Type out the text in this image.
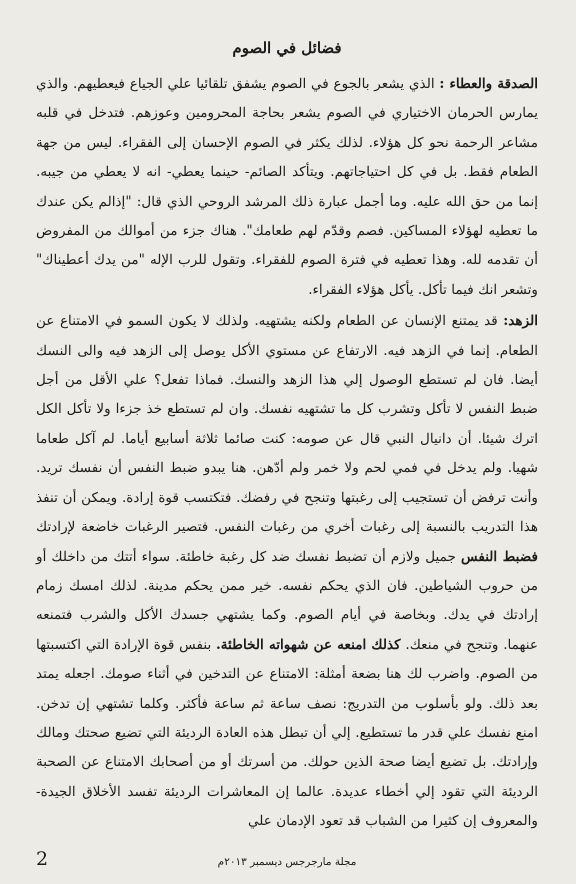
فضائل في الصوم

الصدقة والعطاء : الذي يشعر بالجوع في الصوم يشفق تلقائيا علي الجياع فيعطيهم. والذي يمارس الحرمان الاختياري في الصوم يشعر بحاجة المحرومين وعوزهم. فتدخل في قلبه مشاعر الرحمة نحو كل هؤلاء. لذلك يكثر في الصوم الإحسان إلى الفقراء. ليس من جهة الطعام فقط. بل في كل احتياجاتهم. ويتأكد الصائم- حينما يعطي- انه لا يعطي من جيبه. إنما من حق الله عليه. وما أجمل عبارة ذلك المرشد الروحي الذي قال: "إذالم يكن عندك ما تعطيه لهؤلاء المساكين. فصم وقدّم لهم طعامك". هناك جزء من أموالك من المفروض أن تقدمه لله. وهذا تعطيه في فترة الصوم للفقراء. وتقول للرب الإله "من يدك أعطيناك" وتشعر انك فيما تأكل. يأكل هؤلاء الفقراء.

الزهد: قد يمتنع الإنسان عن الطعام ولكنه يشتهيه. ولذلك لا يكون السمو في الامتناع عن الطعام. إنما في الزهد فيه. الارتفاع عن مستوي الأكل يوصل إلى الزهد فيه والى النسك أيضا. فان لم تستطع الوصول إلي هذا الزهد والنسك. فماذا تفعل؟ علي الأقل من أجل ضبط النفس لا تأكل وتشرب كل ما تشتهيه نفسك. وان لم تستطع خذ جزءا ولا تأكل الكل اترك شيئا. أن دانيال النبي قال عن صومه: كنت صائما ثلاثة أسابيع أياما. لم آكل طعاما شهيا. ولم يدخل في فمي لحم ولا خمر ولم أدّهن. هنا يبدو ضبط النفس أن نفسك تريد. وأنت ترفض أن تستجيب إلى رغبتها وتنجح في رفضك. فتكتسب قوة إرادة. ويمكن أن تنفذ هذا التدريب بالنسبة إلى رغبات أخري من رغبات النفس. فتصير الرغبات خاضعة لإرادتك فضبط النفس جميل ولازم أن تضبط نفسك ضد كل رغبة خاطئة. سواء أتتك من داخلك أو من حروب الشياطين. فان الذي يحكم نفسه. خير ممن يحكم مدينة. لذلك امسك زمام إرادتك في يدك. وبخاصة في أيام الصوم. وكما يشتهي جسدك الأكل والشرب فتمنعه عنهما. وتنجح في منعك. كذلك امنعه عن شهواته الخاطئة. بنفس قوة الإرادة التي اكتسبتها من الصوم. واضرب لك هنا بضعة أمثلة: الامتناع عن التدخين في أثناء صومك. اجعله يمتد بعد ذلك. ولو بأسلوب من التدريج: نصف ساعة ثم ساعة فأكثر. وكلما تشتهي إن تدخن. امنع نفسك علي قدر ما تستطيع. إلي أن تبطل هذه العادة الرديئة التي تضيع صحتك ومالك وإرادتك. بل تضيع أيضا صحة الذين حولك. من أسرتك أو من أصحابك الامتناع عن الصحبة الرديئة التي تقود إلي أخطاء عديدة. عالما إن المعاشرات الرديئة تفسد الأخلاق الجيدة- والمعروف إن كثيرا من الشباب قد تعود الإدمان علي

2	مجلة مارجرجس ديسمبر ٢٠١٣م
